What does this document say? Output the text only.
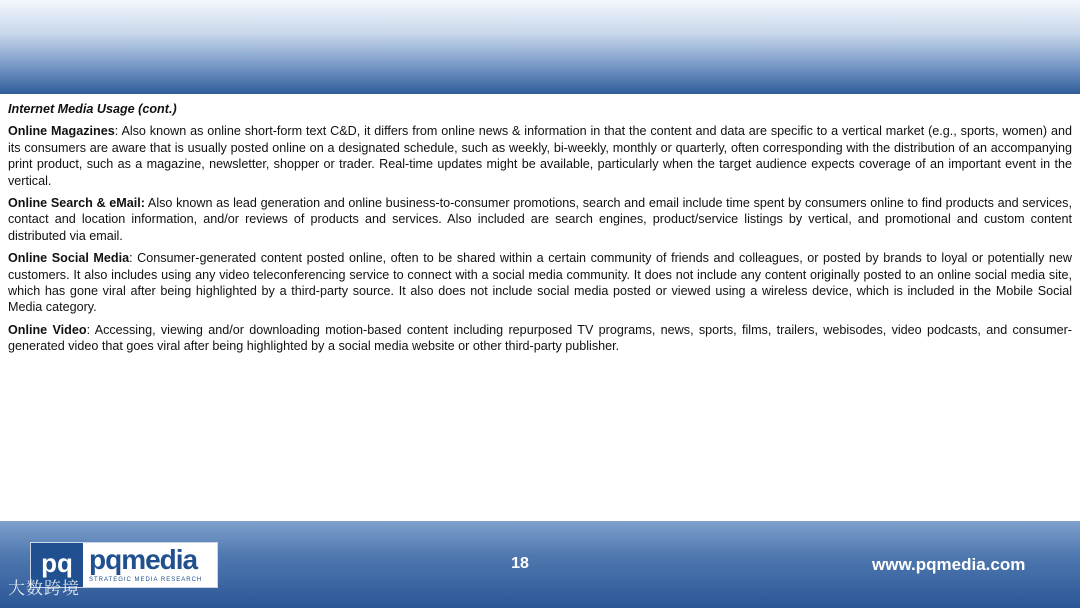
Internet Media Usage (cont.)

Online Magazines: Also known as online short-form text C&D, it differs from online news & information in that the content and data are specific to a vertical market (e.g., sports, women) and its consumers are aware that is usually posted online on a designated schedule, such as weekly, bi-weekly, monthly or quarterly, often corresponding with the distribution of an accompanying print product, such as a magazine, newsletter, shopper or trader. Real-time updates might be available, particularly when the target audience expects coverage of an important event in the vertical.

Online Search & eMail: Also known as lead generation and online business-to-consumer promotions, search and email include time spent by consumers online to find products and services, contact and location information, and/or reviews of products and services. Also included are search engines, product/service listings by vertical, and promotional and custom content distributed via email.

Online Social Media: Consumer-generated content posted online, often to be shared within a certain community of friends and colleagues, or posted by brands to loyal or potentially new customers. It also includes using any video teleconferencing service to connect with a social media community. It does not include any content originally posted to an online social media site, which has gone viral after being highlighted by a third-party source. It also does not include social media posted or viewed using a wireless device, which is included in the Mobile Social Media category.

Online Video: Accessing, viewing and/or downloading motion-based content including repurposed TV programs, news, sports, films, trailers, webisodes, video podcasts, and consumer-generated video that goes viral after being highlighted by a social media website or other third-party publisher.

pq pqmedia
STRATEGIC MEDIA RESEARCH
18	www.pqmedia.com
大数跨境
